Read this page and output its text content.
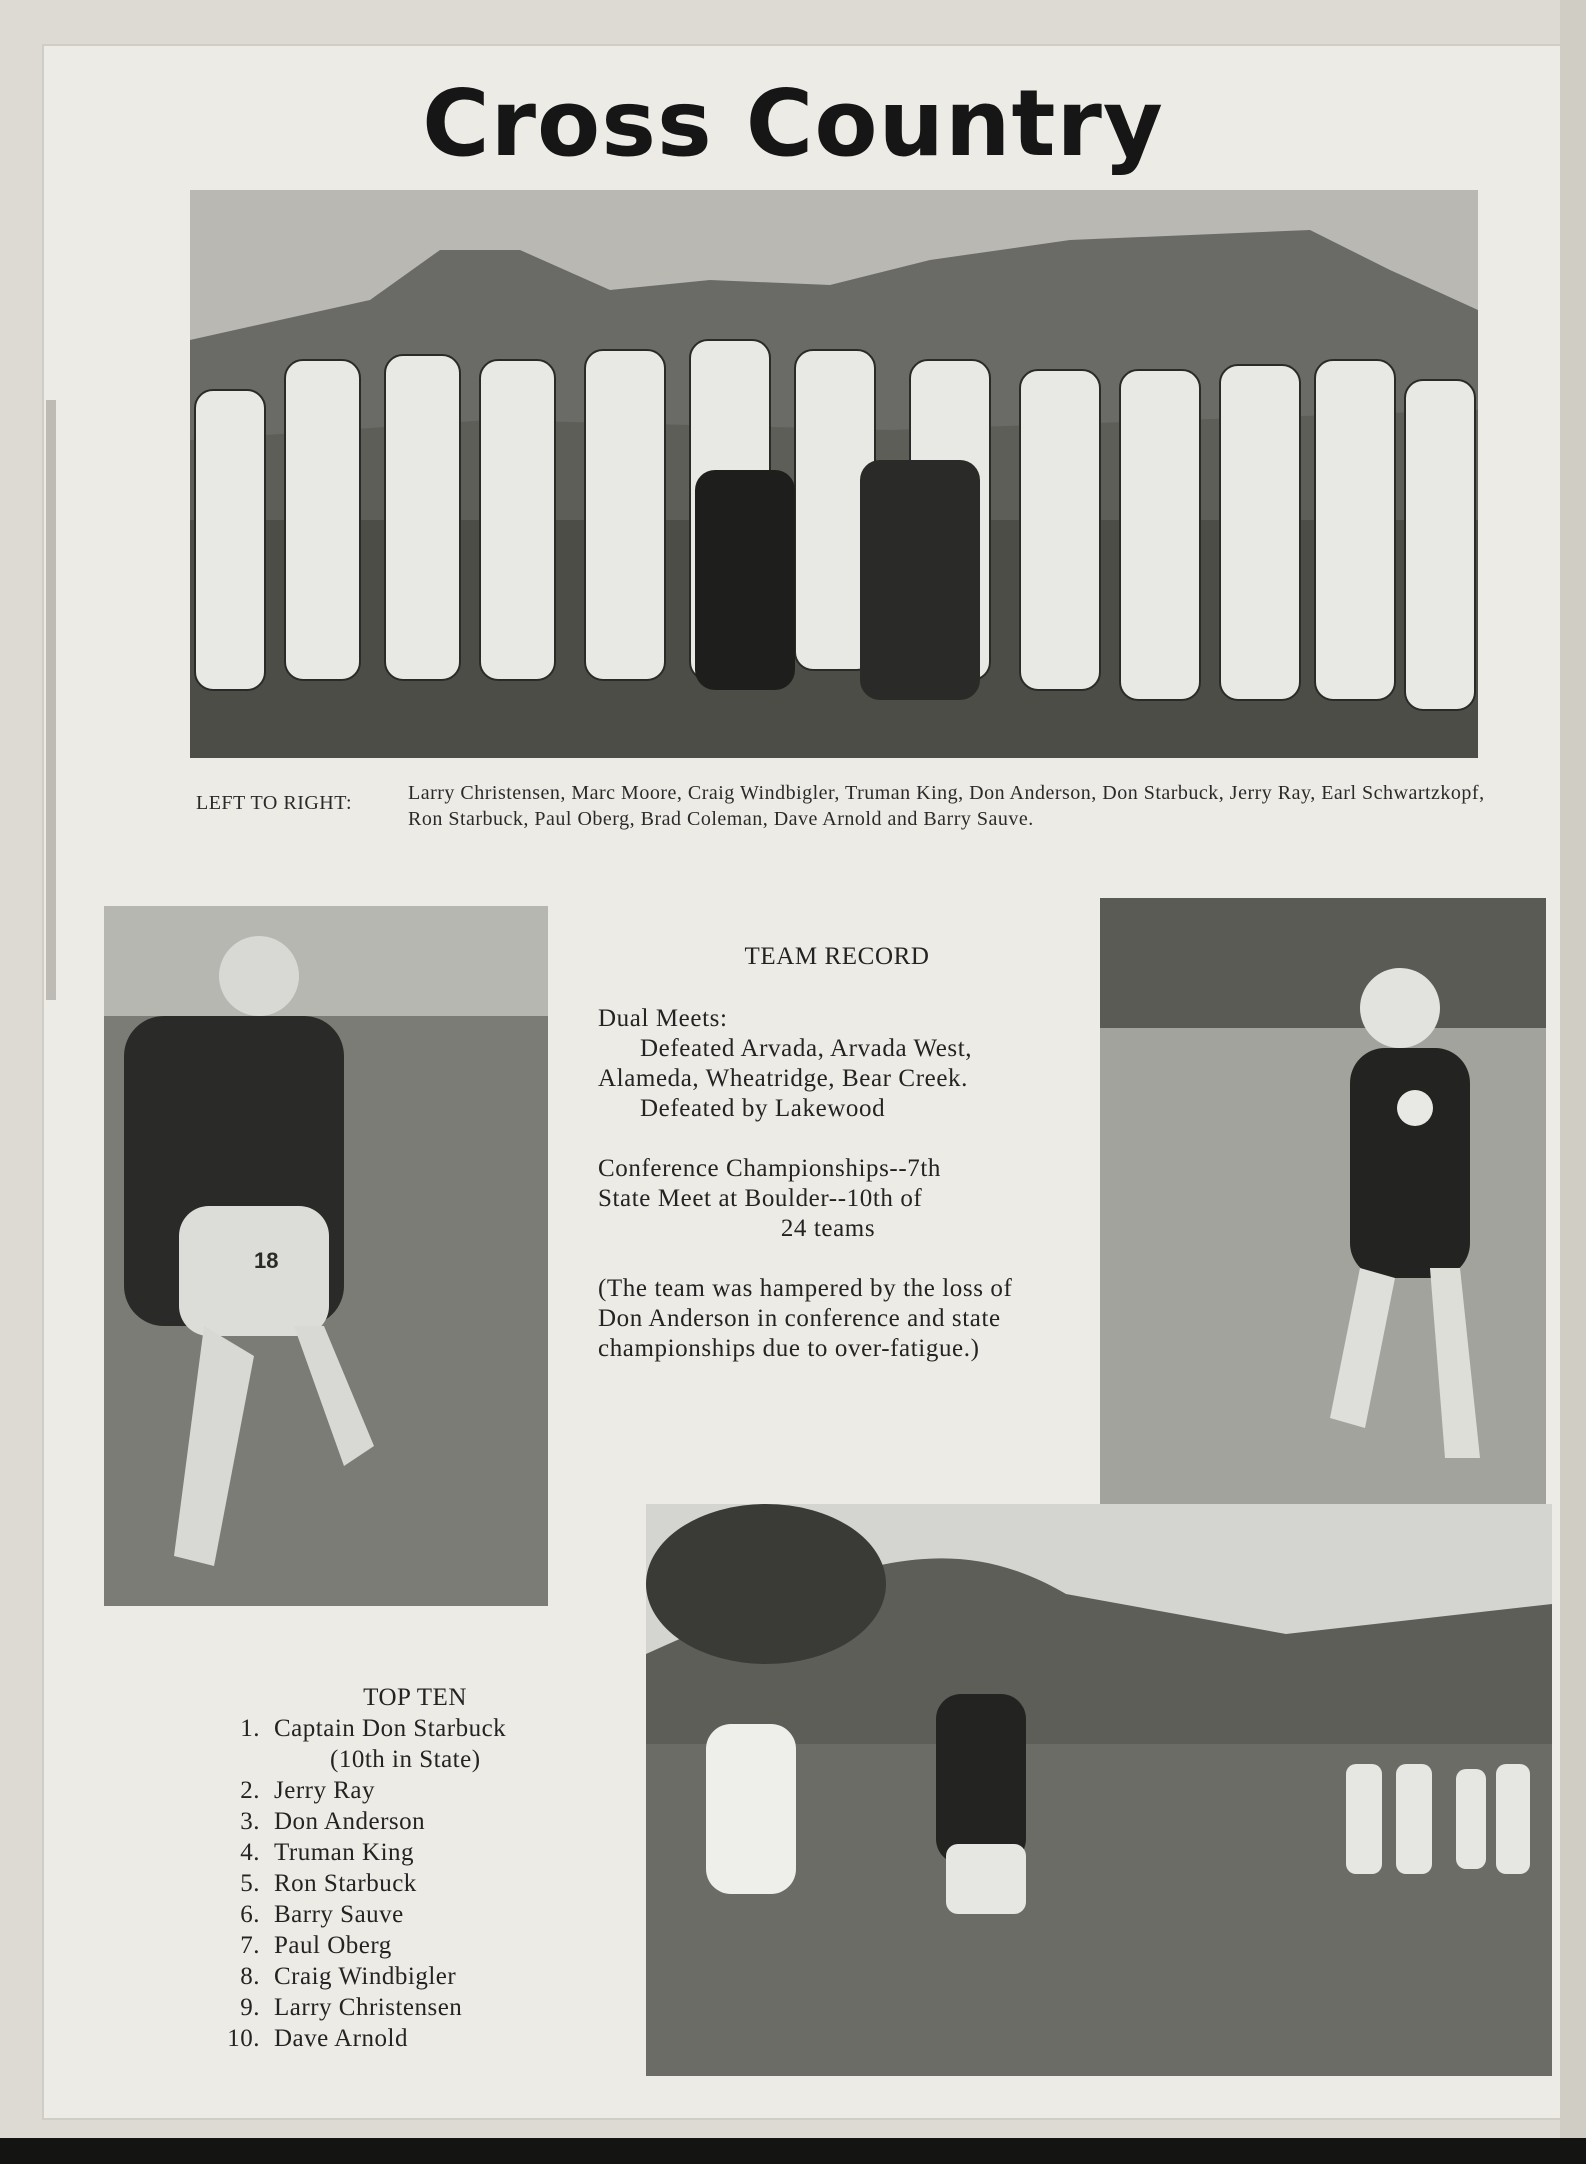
Cross Country
LEFT TO RIGHT:	Larry Christensen, Marc Moore, Craig Windbigler, Truman King, Don Anderson, Don Starbuck, Jerry Ray, Earl Schwartzkopf, Ron Starbuck, Paul Oberg, Brad Coleman, Dave Arnold and Barry Sauve.
18

TEAM RECORD

Dual Meets:

Defeated Arvada, Arvada West, Alameda, Wheatridge, Bear Creek.

Defeated by Lakewood

Conference Championships--7th

State Meet at Boulder--10th of

24 teams

(The team was hampered by the loss of Don Anderson in conference and state championships due to over-fatigue.)

TOP TEN
1. Captain Don Starbuck
(10th in State)
2. Jerry Ray
3. Don Anderson
4. Truman King
5. Ron Starbuck
6. Barry Sauve
7. Paul Oberg
8. Craig Windbigler
9. Larry Christensen
10. Dave Arnold
